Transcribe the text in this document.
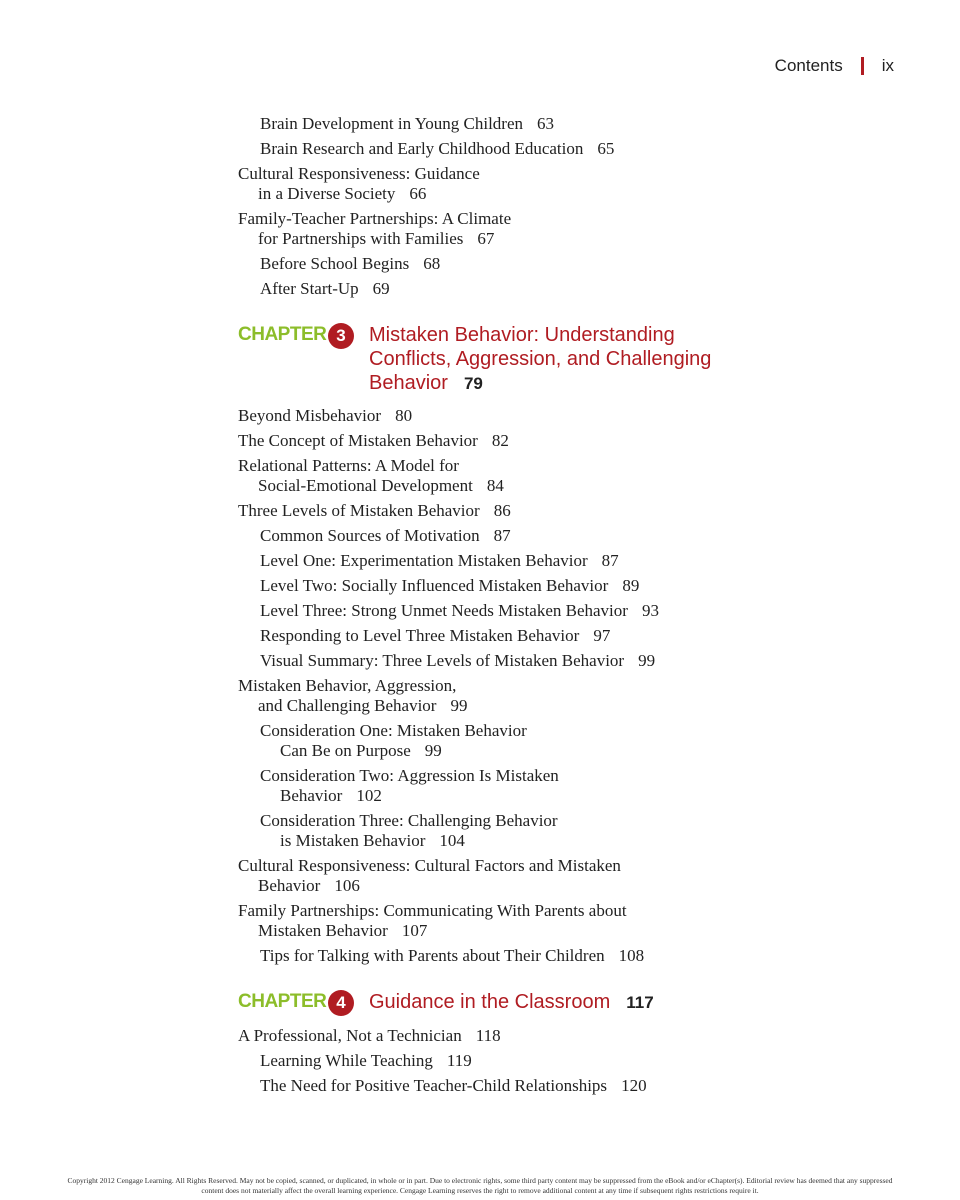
Contents ix
Brain Development in Young Children 63
Brain Research and Early Childhood Education 65
Cultural Responsiveness: Guidance
in a Diverse Society 66
Family-Teacher Partnerships: A Climate
for Partnerships with Families 67
Before School Begins 68
After Start-Up 69
CHAPTER 3	Mistaken Behavior: Understanding Conflicts, Aggression, and Challenging Behavior 79
Beyond Misbehavior 80
The Concept of Mistaken Behavior 82
Relational Patterns: A Model for
Social-Emotional Development 84
Three Levels of Mistaken Behavior 86
Common Sources of Motivation 87
Level One: Experimentation Mistaken Behavior 87
Level Two: Socially Influenced Mistaken Behavior 89
Level Three: Strong Unmet Needs Mistaken Behavior 93
Responding to Level Three Mistaken Behavior 97
Visual Summary: Three Levels of Mistaken Behavior 99
Mistaken Behavior, Aggression,
and Challenging Behavior 99
Consideration One: Mistaken Behavior
Can Be on Purpose 99
Consideration Two: Aggression Is Mistaken
Behavior 102
Consideration Three: Challenging Behavior
is Mistaken Behavior 104
Cultural Responsiveness: Cultural Factors and Mistaken
Behavior 106
Family Partnerships: Communicating With Parents about
Mistaken Behavior 107
Tips for Talking with Parents about Their Children 108
CHAPTER 4	Guidance in the Classroom 117
A Professional, Not a Technician 118
Learning While Teaching 119
The Need for Positive Teacher-Child Relationships 120
Copyright 2012 Cengage Learning. All Rights Reserved. May not be copied, scanned, or duplicated, in whole or in part. Due to electronic rights, some third party content may be suppressed from the eBook and/or eChapter(s). Editorial review has deemed that any suppressed
content does not materially affect the overall learning experience. Cengage Learning reserves the right to remove additional content at any time if subsequent rights restrictions require it.
